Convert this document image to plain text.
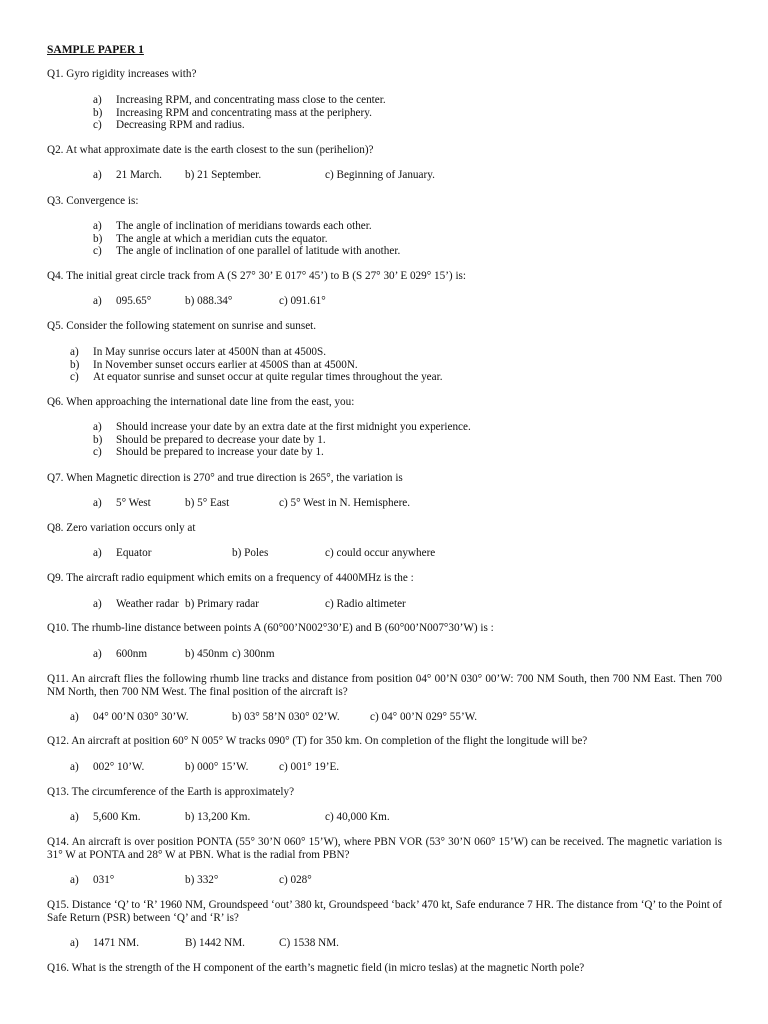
SAMPLE PAPER 1
Q1. Gyro rigidity increases with?
a)	Increasing RPM, and concentrating mass close to the center.
b)	Increasing RPM and concentrating mass at the periphery.
c)	Decreasing RPM and radius.
Q2. At what approximate date is the earth closest to the sun (perihelion)?
a) 21 March. b) 21 September.	c) Beginning of January.
Q3. Convergence is:
a)	The angle of inclination of meridians towards each other.
b)	The angle at which a meridian cuts the equator.
c)	The angle of inclination of one parallel of latitude with another.
Q4. The initial great circle track from A (S 27° 30’ E 017° 45’) to B (S 27° 30’ E 029° 15’) is:
a) 095.65°	b) 088.34°	c) 091.61°
Q5. Consider the following statement on sunrise and sunset.
a)	In May sunrise occurs later at 4500N than at 4500S.
b)	In November sunset occurs earlier at 4500S than at 4500N.
c)	At equator sunrise and sunset occur at quite regular times throughout the year.
Q6. When approaching the international date line from the east, you:
a)	Should increase your date by an extra date at the first midnight you experience.
b)	Should be prepared to decrease your date by 1.
c)	Should be prepared to increase your date by 1.
Q7. When Magnetic direction is 270° and true direction is 265°, the variation is
a) 5° West	b) 5° East	c) 5° West in N. Hemisphere.
Q8. Zero variation occurs only at
a) Equator	b) Poles	c) could occur anywhere
Q9. The aircraft radio equipment which emits on a frequency of 4400MHz is the :
a) Weather radar b) Primary radar	c) Radio altimeter
Q10. The rhumb-line distance between points A (60°00’N002°30’E) and B (60°00’N007°30’W) is :
a) 600nm	b) 450nm c) 300nm
Q11. An aircraft flies the following rhumb line tracks and distance from position 04° 00’N 030° 00’W: 700 NM South, then 700 NM East. Then 700 NM North, then 700 NM West. The final position of the aircraft is?
a) 04° 00’N 030° 30’W.	b) 03° 58’N 030° 02’W.	c) 04° 00’N 029° 55’W.
Q12. An aircraft at position 60° N 005° W tracks 090° (T) for 350 km. On completion of the flight the longitude will be?
a) 002° 10’W.	b) 000° 15’W.	c) 001° 19’E.
Q13. The circumference of the Earth is approximately?
a) 5,600 Km.	b) 13,200 Km.	c) 40,000 Km.
Q14. An aircraft is over position PONTA (55° 30’N 060° 15’W), where PBN VOR (53° 30’N 060° 15’W) can be received. The magnetic variation is 31° W at PONTA and 28° W at PBN. What is the radial from PBN?
a) 031°	b) 332°	c) 028°
Q15. Distance ‘Q’ to ‘R’ 1960 NM, Groundspeed ‘out’ 380 kt, Groundspeed ‘back’ 470 kt, Safe endurance 7 HR. The distance from ‘Q’ to the Point of Safe Return (PSR) between ‘Q’ and ‘R’ is?
a) 1471 NM.	B) 1442 NM.	C) 1538 NM.
Q16. What is the strength of the H component of the earth’s magnetic field (in micro teslas) at the magnetic North pole?
